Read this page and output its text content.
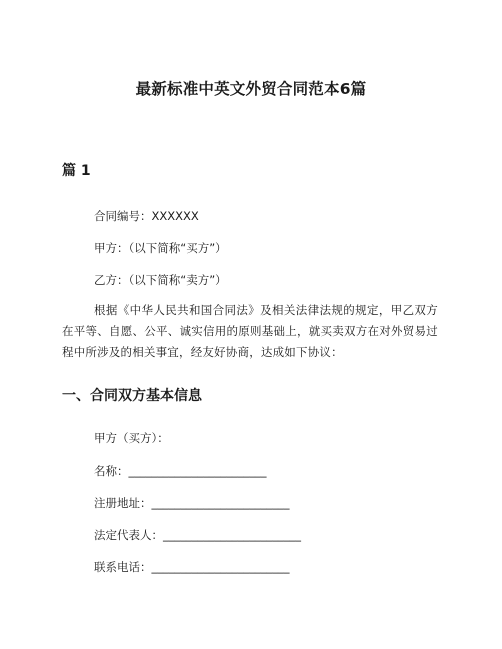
最新标准中英文外贸合同范本6篇
篇 1

合同编号：XXXXXX

甲方：（以下简称“买方”）

乙方：（以下简称“卖方”）

根据《中华人民共和国合同法》及相关法律法规的规定，甲乙双方在平等、自愿、公平、诚实信用的原则基础上，就买卖双方在对外贸易过程中所涉及的相关事宜，经友好协商，达成如下协议：

一、合同双方基本信息

甲方（买方）：

名称：________________________

注册地址：________________________

法定代表人：________________________

联系电话：________________________
